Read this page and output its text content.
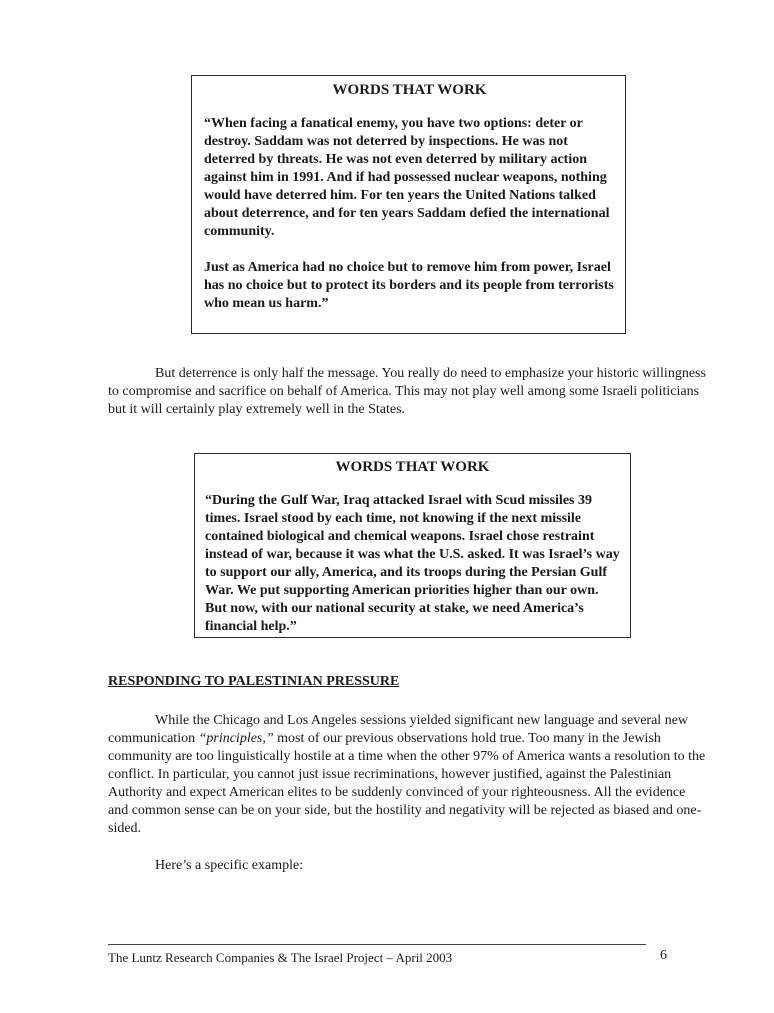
WORDS THAT WORK

“When facing a fanatical enemy, you have two options: deter or destroy. Saddam was not deterred by inspections. He was not deterred by threats. He was not even deterred by military action against him in 1991. And if had possessed nuclear weapons, nothing would have deterred him. For ten years the United Nations talked about deterrence, and for ten years Saddam defied the international community.

Just as America had no choice but to remove him from power, Israel has no choice but to protect its borders and its people from terrorists who mean us harm.”

But deterrence is only half the message. You really do need to emphasize your historic willingness to compromise and sacrifice on behalf of America. This may not play well among some Israeli politicians but it will certainly play extremely well in the States.

WORDS THAT WORK

“During the Gulf War, Iraq attacked Israel with Scud missiles 39 times. Israel stood by each time, not knowing if the next missile contained biological and chemical weapons. Israel chose restraint instead of war, because it was what the U.S. asked. It was Israel’s way to support our ally, America, and its troops during the Persian Gulf War. We put supporting American priorities higher than our own. But now, with our national security at stake, we need America’s financial help.”

RESPONDING TO PALESTINIAN PRESSURE

While the Chicago and Los Angeles sessions yielded significant new language and several new communication “principles,” most of our previous observations hold true. Too many in the Jewish community are too linguistically hostile at a time when the other 97% of America wants a resolution to the conflict. In particular, you cannot just issue recriminations, however justified, against the Palestinian Authority and expect American elites to be suddenly convinced of your righteousness. All the evidence and common sense can be on your side, but the hostility and negativity will be rejected as biased and one-sided.

Here’s a specific example:

The Luntz Research Companies & The Israel Project – April 2003	6
